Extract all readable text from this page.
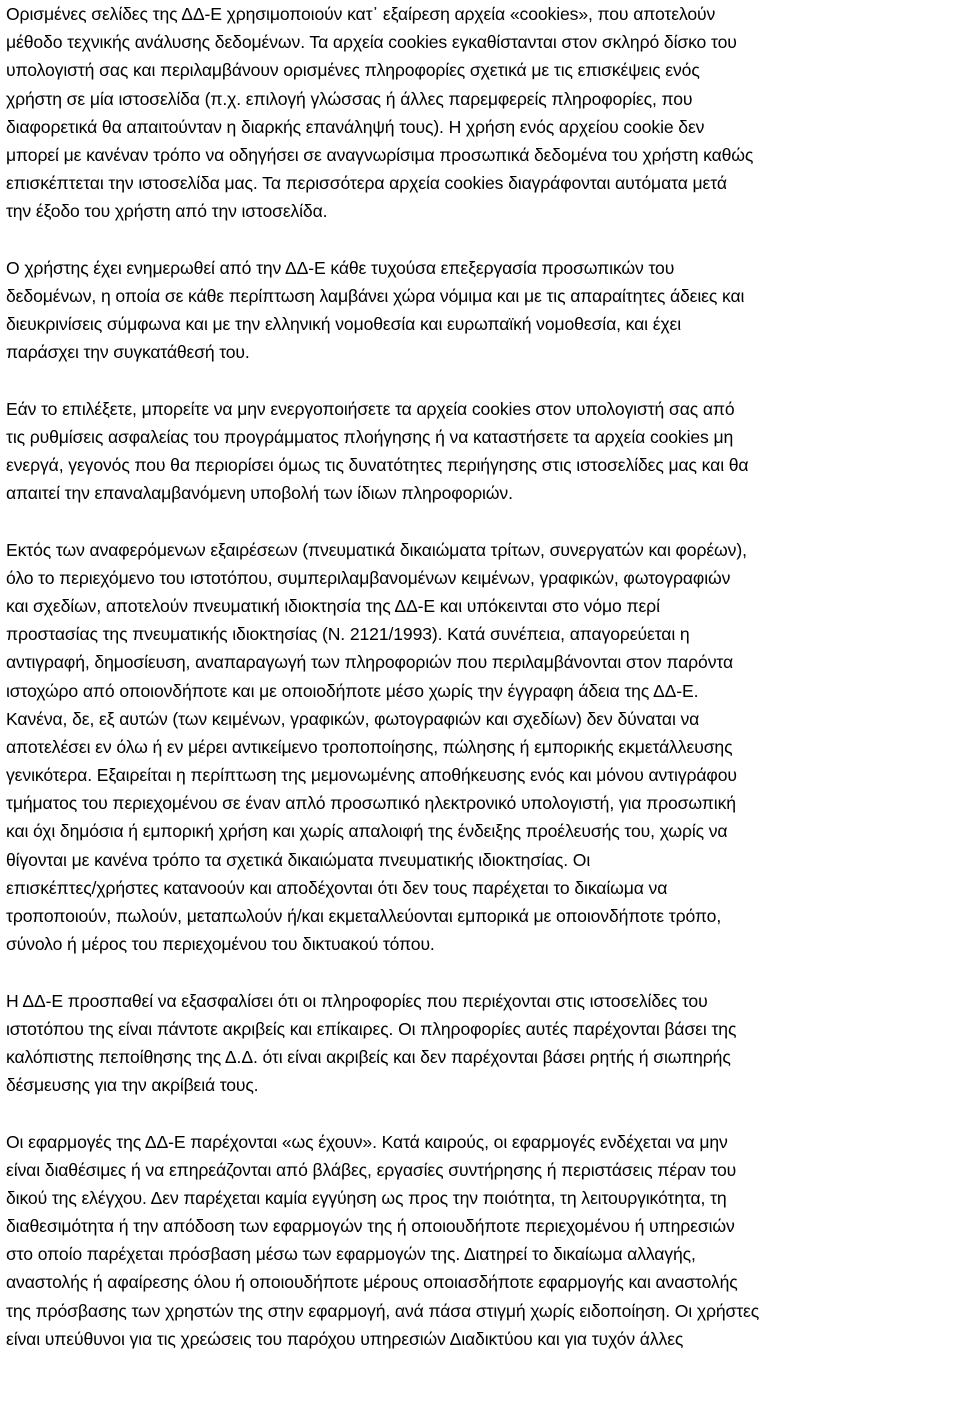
Ορισμένες σελίδες της ΔΔ-Ε χρησιμοποιούν κατ᾽ εξαίρεση αρχεία «cookies», που αποτελούν
μέθοδο τεχνικής ανάλυσης δεδομένων. Τα αρχεία cookies εγκαθίστανται στον σκληρό δίσκο του
υπολογιστή σας και περιλαμβάνουν ορισμένες πληροφορίες σχετικά με τις επισκέψεις ενός
χρήστη σε μία ιστοσελίδα (π.χ. επιλογή γλώσσας ή άλλες παρεμφερείς πληροφορίες, που
διαφορετικά θα απαιτούνταν η διαρκής επανάληψή τους). Η χρήση ενός αρχείου cookie δεν
μπορεί με κανέναν τρόπο να οδηγήσει σε αναγνωρίσιμα προσωπικά δεδομένα του χρήστη καθώς
επισκέπτεται την ιστοσελίδα μας. Τα περισσότερα αρχεία cookies διαγράφονται αυτόματα μετά
την έξοδο του χρήστη από την ιστοσελίδα.
Ο χρήστης έχει ενημερωθεί από την ΔΔ-Ε κάθε τυχούσα επεξεργασία προσωπικών του
δεδομένων, η οποία σε κάθε περίπτωση λαμβάνει χώρα νόμιμα και με τις απαραίτητες άδειες και
διευκρινίσεις σύμφωνα και με την ελληνική νομοθεσία και ευρωπαϊκή νομοθεσία, και έχει
παράσχει την συγκατάθεσή του.
Εάν το επιλέξετε, μπορείτε να μην ενεργοποιήσετε τα αρχεία cookies στον υπολογιστή σας από
τις ρυθμίσεις ασφαλείας του προγράμματος πλοήγησης ή να καταστήσετε τα αρχεία cookies μη
ενεργά, γεγονός που θα περιορίσει όμως τις δυνατότητες περιήγησης στις ιστοσελίδες μας και θα
απαιτεί την επαναλαμβανόμενη υποβολή των ίδιων πληροφοριών.
Εκτός των αναφερόμενων εξαιρέσεων (πνευματικά δικαιώματα τρίτων, συνεργατών και φορέων),
όλο το περιεχόμενο του ιστοτόπου, συμπεριλαμβανομένων κειμένων, γραφικών, φωτογραφιών
και σχεδίων, αποτελούν πνευματική ιδιοκτησία της ΔΔ-Ε και υπόκεινται στο νόμο περί
προστασίας της πνευματικής ιδιοκτησίας (Ν. 2121/1993). Κατά συνέπεια, απαγορεύεται η
αντιγραφή, δημοσίευση, αναπαραγωγή των πληροφοριών που περιλαμβάνονται στον παρόντα
ιστοχώρο από οποιονδήποτε και με οποιοδήποτε μέσο χωρίς την έγγραφη άδεια της ΔΔ-Ε.
Κανένα, δε, εξ αυτών (των κειμένων, γραφικών, φωτογραφιών και σχεδίων) δεν δύναται να
αποτελέσει εν όλω ή εν μέρει αντικείμενο τροποποίησης, πώλησης ή εμπορικής εκμετάλλευσης
γενικότερα. Εξαιρείται η περίπτωση της μεμονωμένης αποθήκευσης ενός και μόνου αντιγράφου
τμήματος του περιεχομένου σε έναν απλό προσωπικό ηλεκτρονικό υπολογιστή, για προσωπική
και όχι δημόσια ή εμπορική χρήση και χωρίς απαλοιφή της ένδειξης προέλευσής του, χωρίς να
θίγονται με κανένα τρόπο τα σχετικά δικαιώματα πνευματικής ιδιοκτησίας. Οι
επισκέπτες/χρήστες κατανοούν και αποδέχονται ότι δεν τους παρέχεται το δικαίωμα να
τροποποιούν, πωλούν, μεταπωλούν ή/και εκμεταλλεύονται εμπορικά με οποιονδήποτε τρόπο,
σύνολο ή μέρος του περιεχομένου του δικτυακού τόπου.
Η ΔΔ-Ε προσπαθεί να εξασφαλίσει ότι οι πληροφορίες που περιέχονται στις ιστοσελίδες του
ιστοτόπου της είναι πάντοτε ακριβείς και επίκαιρες. Οι πληροφορίες αυτές παρέχονται βάσει της
καλόπιστης πεποίθησης της Δ.Δ. ότι είναι ακριβείς και δεν παρέχονται βάσει ρητής ή σιωπηρής
δέσμευσης για την ακρίβειά τους.
Οι εφαρμογές της ΔΔ-Ε παρέχονται «ως έχουν». Κατά καιρούς, οι εφαρμογές ενδέχεται να μην
είναι διαθέσιμες ή να επηρεάζονται από βλάβες, εργασίες συντήρησης ή περιστάσεις πέραν του
δικού της ελέγχου. Δεν παρέχεται καμία εγγύηση ως προς την ποιότητα, τη λειτουργικότητα, τη
διαθεσιμότητα ή την απόδοση των εφαρμογών της ή οποιουδήποτε περιεχομένου ή υπηρεσιών
στο οποίο παρέχεται πρόσβαση μέσω των εφαρμογών της. Διατηρεί το δικαίωμα αλλαγής,
αναστολής ή αφαίρεσης όλου ή οποιουδήποτε μέρους οποιασδήποτε εφαρμογής και αναστολής
της πρόσβασης των χρηστών της στην εφαρμογή, ανά πάσα στιγμή χωρίς ειδοποίηση. Οι χρήστες
είναι υπεύθυνοι για τις χρεώσεις του παρόχου υπηρεσιών Διαδικτύου και για τυχόν άλλες
